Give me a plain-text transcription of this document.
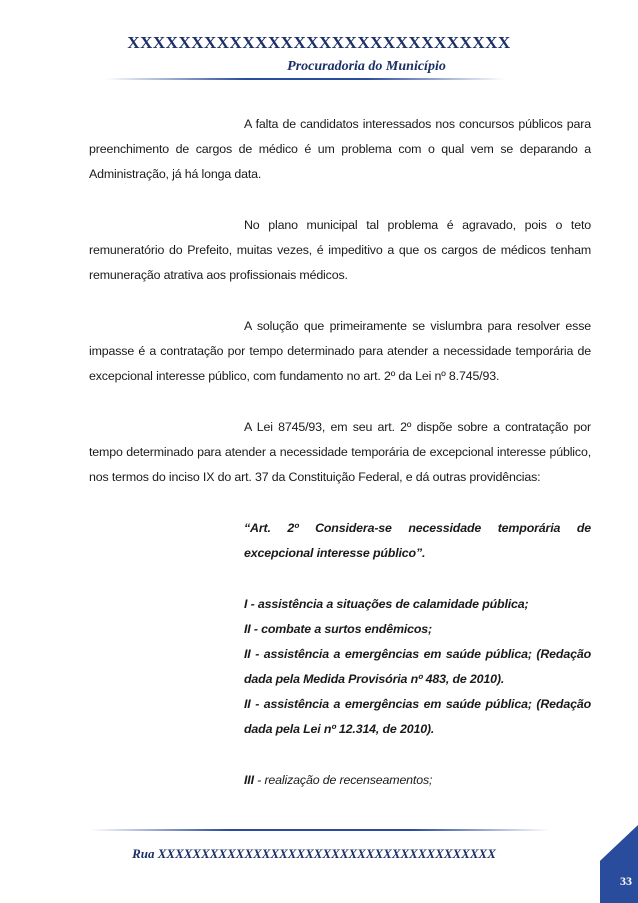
XXXXXXXXXXXXXXXXXXXXXXXXXXXXXX
Procuradoria do Município

A falta de candidatos interessados nos concursos públicos para preenchimento de cargos de médico é um problema com o qual vem se deparando a Administração, já há longa data.

No plano municipal tal problema é agravado, pois o teto remuneratório do Prefeito, muitas vezes, é impeditivo a que os cargos de médicos tenham remuneração atrativa aos profissionais médicos.

A solução que primeiramente se vislumbra para resolver esse impasse é a contratação por tempo determinado para atender a necessidade temporária de excepcional interesse público, com fundamento no art. 2º da Lei nº 8.745/93.

A Lei 8745/93, em seu art. 2º dispõe sobre a contratação por tempo determinado para atender a necessidade temporária de excepcional interesse público, nos termos do inciso IX do art. 37 da Constituição Federal, e dá outras providências:

“Art. 2º Considera-se necessidade temporária de excepcional interesse público”.

I - assistência a situações de calamidade pública;

II - combate a surtos endêmicos;

II - assistência a emergências em saúde pública; (Redação dada pela Medida Provisória nº 483, de 2010).

II - assistência a emergências em saúde pública; (Redação dada pela Lei nº 12.314, de 2010).

III - realização de recenseamentos;

Rua XXXXXXXXXXXXXXXXXXXXXXXXXXXXXXXXXXXXXXX
33
